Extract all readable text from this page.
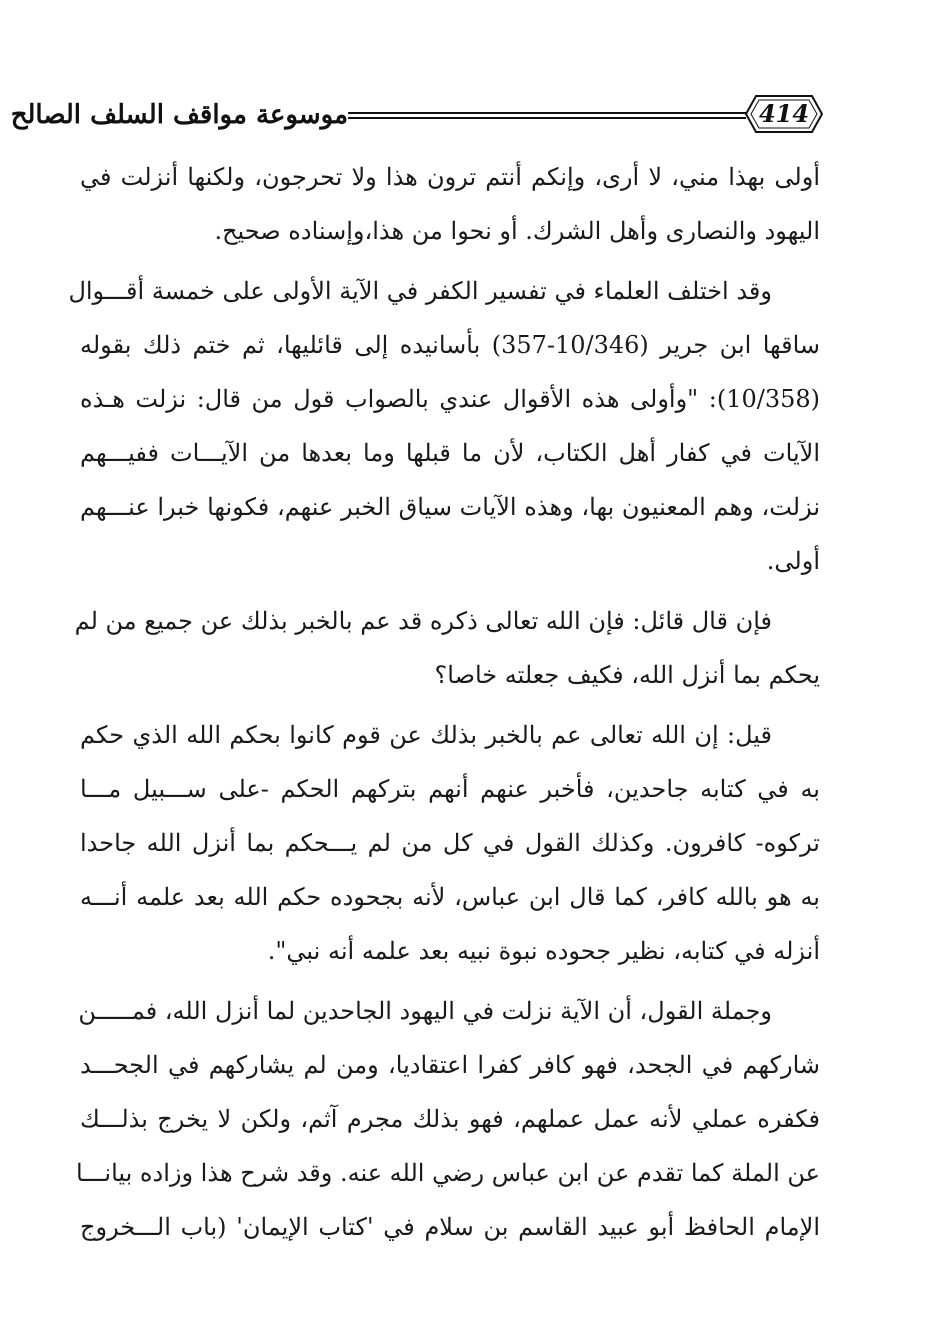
موسوعة مواقف السلف الصالح	414
أولى بهذا مني، لا أرى، وإنكم أنتم ترون هذا ولا تحرجون، ولكنها أنزلت في
اليهود والنصارى وأهل الشرك. أو نحوا من هذا،وإسناده صحيح.
وقد اختلف العلماء في تفسير الكفر في الآية الأولى على خمسة أقـــوال
ساقها ابن جرير (10/346-357) بأسانيده إلى قائليها، ثم ختم ذلك بقوله
(10/358): "وأولى هذه الأقوال عندي بالصواب قول من قال: نزلت هـذه
الآيات في كفار أهل الكتاب، لأن ما قبلها وما بعدها من الآيـــات ففيـــهم
نزلت، وهم المعنيون بها، وهذه الآيات سياق الخبر عنهم، فكونها خبرا عنـــهم
أولى.
فإن قال قائل: فإن الله تعالى ذكره قد عم بالخبر بذلك عن جميع من لم
يحكم بما أنزل الله، فكيف جعلته خاصا؟
قيل: إن الله تعالى عم بالخبر بذلك عن قوم كانوا بحكم الله الذي حكم
به في كتابه جاحدين، فأخبر عنهم أنهم بتركهم الحكم -على ســـبيل مـــا
تركوه- كافرون. وكذلك القول في كل من لم يـــحكم بما أنزل الله جاحدا
به هو بالله كافر، كما قال ابن عباس، لأنه بجحوده حكم الله بعد علمه أنـــه
أنزله في كتابه، نظير جحوده نبوة نبيه بعد علمه أنه نبي".
وجملة القول، أن الآية نزلت في اليهود الجاحدين لما أنزل الله، فمـــــن
شاركهم في الجحد، فهو كافر كفرا اعتقاديا، ومن لم يشاركهم في الجحـــد
فكفره عملي لأنه عمل عملهم، فهو بذلك مجرم آثم، ولكن لا يخرج بذلـــك
عن الملة كما تقدم عن ابن عباس رضي الله عنه. وقد شرح هذا وزاده بيانـــا
الإمام الحافظ أبو عبيد القاسم بن سلام في 'كتاب الإيمان' (باب الـــخروج
